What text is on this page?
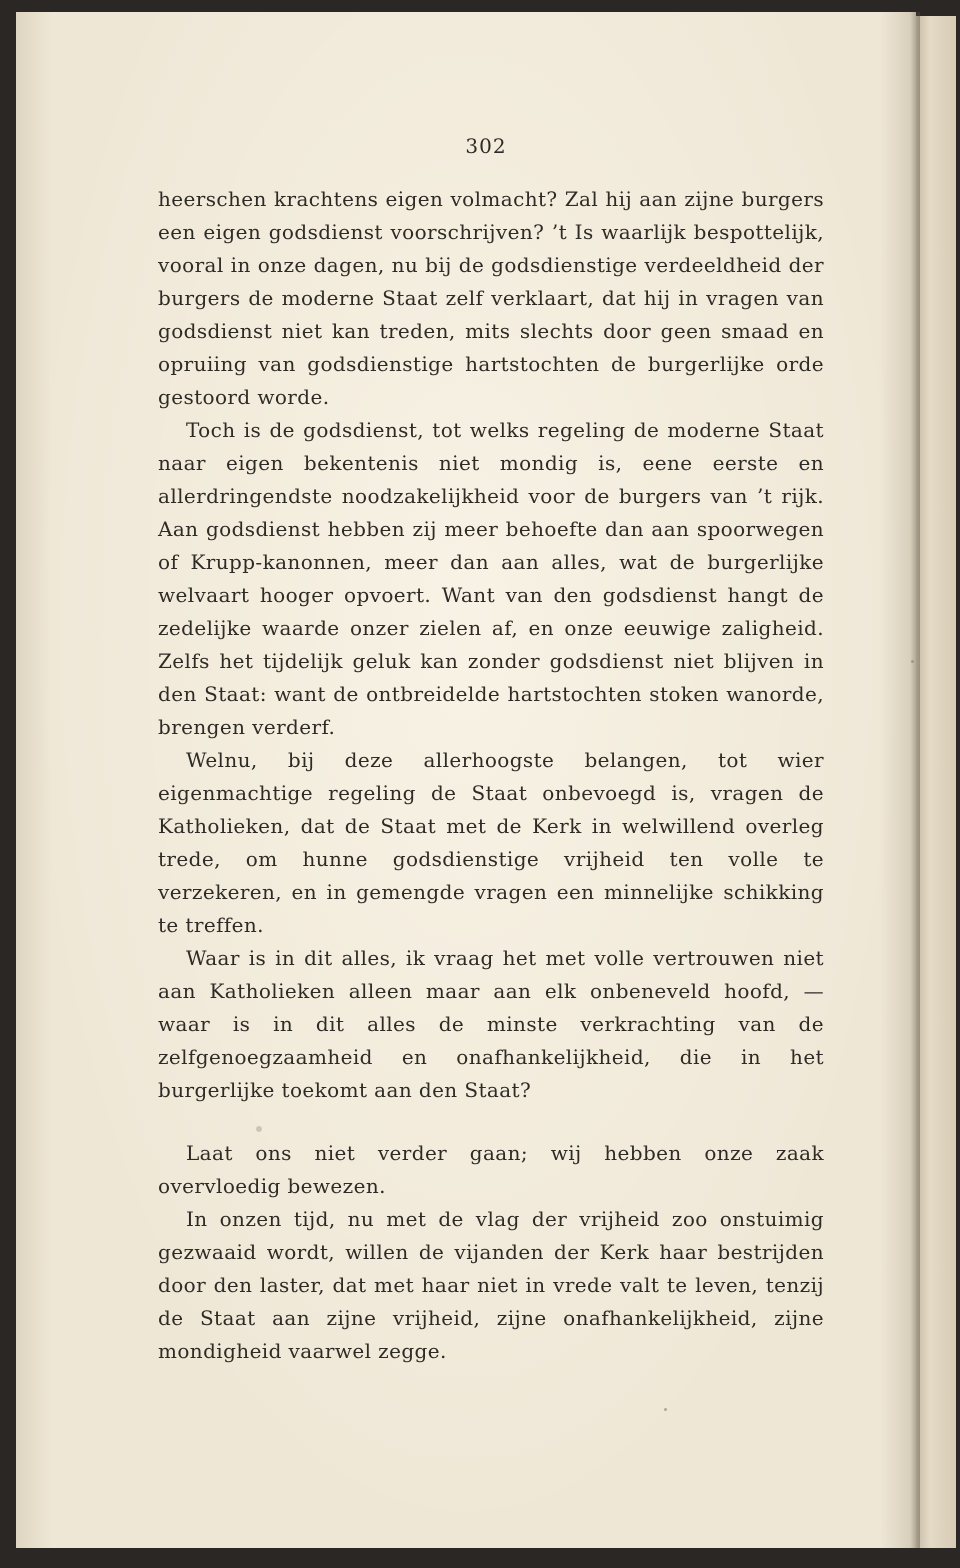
302

heerschen krachtens eigen volmacht? Zal hij aan zijne burgers een eigen godsdienst voorschrijven? ’t Is waarlijk bespottelijk, vooral in onze dagen, nu bij de godsdienstige verdeeldheid der burgers de moderne Staat zelf verklaart, dat hij in vragen van godsdienst niet kan treden, mits slechts door geen smaad en opruiing van godsdienstige hartstochten de burgerlijke orde gestoord worde.

Toch is de godsdienst, tot welks regeling de moderne Staat naar eigen bekentenis niet mondig is, eene eerste en allerdringendste noodzakelijkheid voor de burgers van ’t rijk. Aan godsdienst hebben zij meer behoefte dan aan spoorwegen of Krupp-kanonnen, meer dan aan alles, wat de burgerlijke welvaart hooger opvoert. Want van den godsdienst hangt de zedelijke waarde onzer zielen af, en onze eeuwige zaligheid. Zelfs het tijdelijk geluk kan zonder godsdienst niet blijven in den Staat: want de ontbreidelde hartstochten stoken wanorde, brengen verderf.

Welnu, bij deze allerhoogste belangen, tot wier eigenmachtige regeling de Staat onbevoegd is, vragen de Katholieken, dat de Staat met de Kerk in welwillend overleg trede, om hunne godsdienstige vrijheid ten volle te verzekeren, en in gemengde vragen een minnelijke schikking te treffen.

Waar is in dit alles, ik vraag het met volle vertrouwen niet aan Katholieken alleen maar aan elk onbeneveld hoofd, — waar is in dit alles de minste verkrachting van de zelfgenoegzaamheid en onafhankelijkheid, die in het burgerlijke toekomt aan den Staat?

Laat ons niet verder gaan; wij hebben onze zaak overvloedig bewezen.

In onzen tijd, nu met de vlag der vrijheid zoo onstuimig gezwaaid wordt, willen de vijanden der Kerk haar bestrijden door den laster, dat met haar niet in vrede valt te leven, tenzij de Staat aan zijne vrijheid, zijne onafhankelijkheid, zijne mondigheid vaarwel zegge.
